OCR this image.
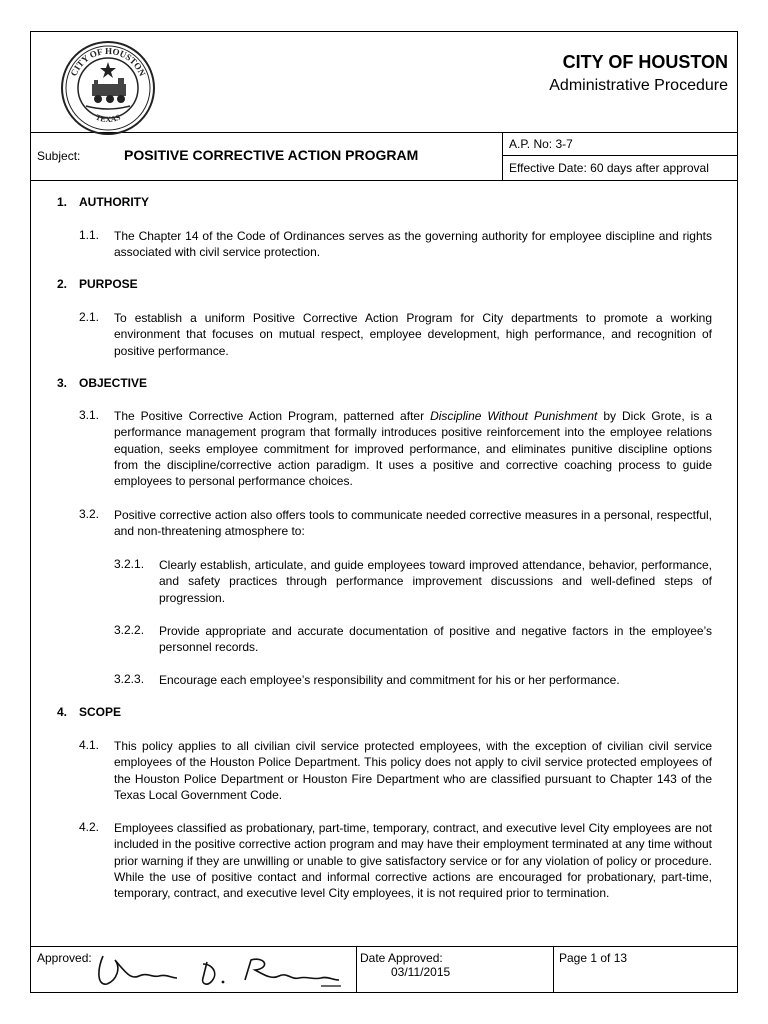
CITY OF HOUSTON
TEXAS
CITY OF HOUSTON
Administrative Procedure
Subject:	POSITIVE CORRECTIVE ACTION PROGRAM
A.P. No: 3-7
Effective Date: 60 days after approval
1. AUTHORITY
1.1. The Chapter 14 of the Code of Ordinances serves as the governing authority for employee discipline and rights associated with civil service protection.
2. PURPOSE
2.1. To establish a uniform Positive Corrective Action Program for City departments to promote a working environment that focuses on mutual respect, employee development, high performance, and recognition of positive performance.
3. OBJECTIVE
3.1. The Positive Corrective Action Program, patterned after Discipline Without Punishment by Dick Grote, is a performance management program that formally introduces positive reinforcement into the employee relations equation, seeks employee commitment for improved performance, and eliminates punitive discipline options from the discipline/corrective action paradigm. It uses a positive and corrective coaching process to guide employees to personal performance choices.
3.2. Positive corrective action also offers tools to communicate needed corrective measures in a personal, respectful, and non-threatening atmosphere to:
3.2.1. Clearly establish, articulate, and guide employees toward improved attendance, behavior, performance, and safety practices through performance improvement discussions and well-defined steps of progression.
3.2.2. Provide appropriate and accurate documentation of positive and negative factors in the employee’s personnel records.
3.2.3. Encourage each employee’s responsibility and commitment for his or her performance.
4. SCOPE
4.1. This policy applies to all civilian civil service protected employees, with the exception of civilian civil service employees of the Houston Police Department. This policy does not apply to civil service protected employees of the Houston Police Department or Houston Fire Department who are classified pursuant to Chapter 143 of the Texas Local Government Code.
4.2. Employees classified as probationary, part-time, temporary, contract, and executive level City employees are not included in the positive corrective action program and may have their employment terminated at any time without prior warning if they are unwilling or unable to give satisfactory service or for any violation of policy or procedure. While the use of positive contact and informal corrective actions are encouraged for probationary, part-time, temporary, contract, and executive level City employees, it is not required prior to termination.
Approved:	Date Approved:
03/11/2015
Page 1 of 13
